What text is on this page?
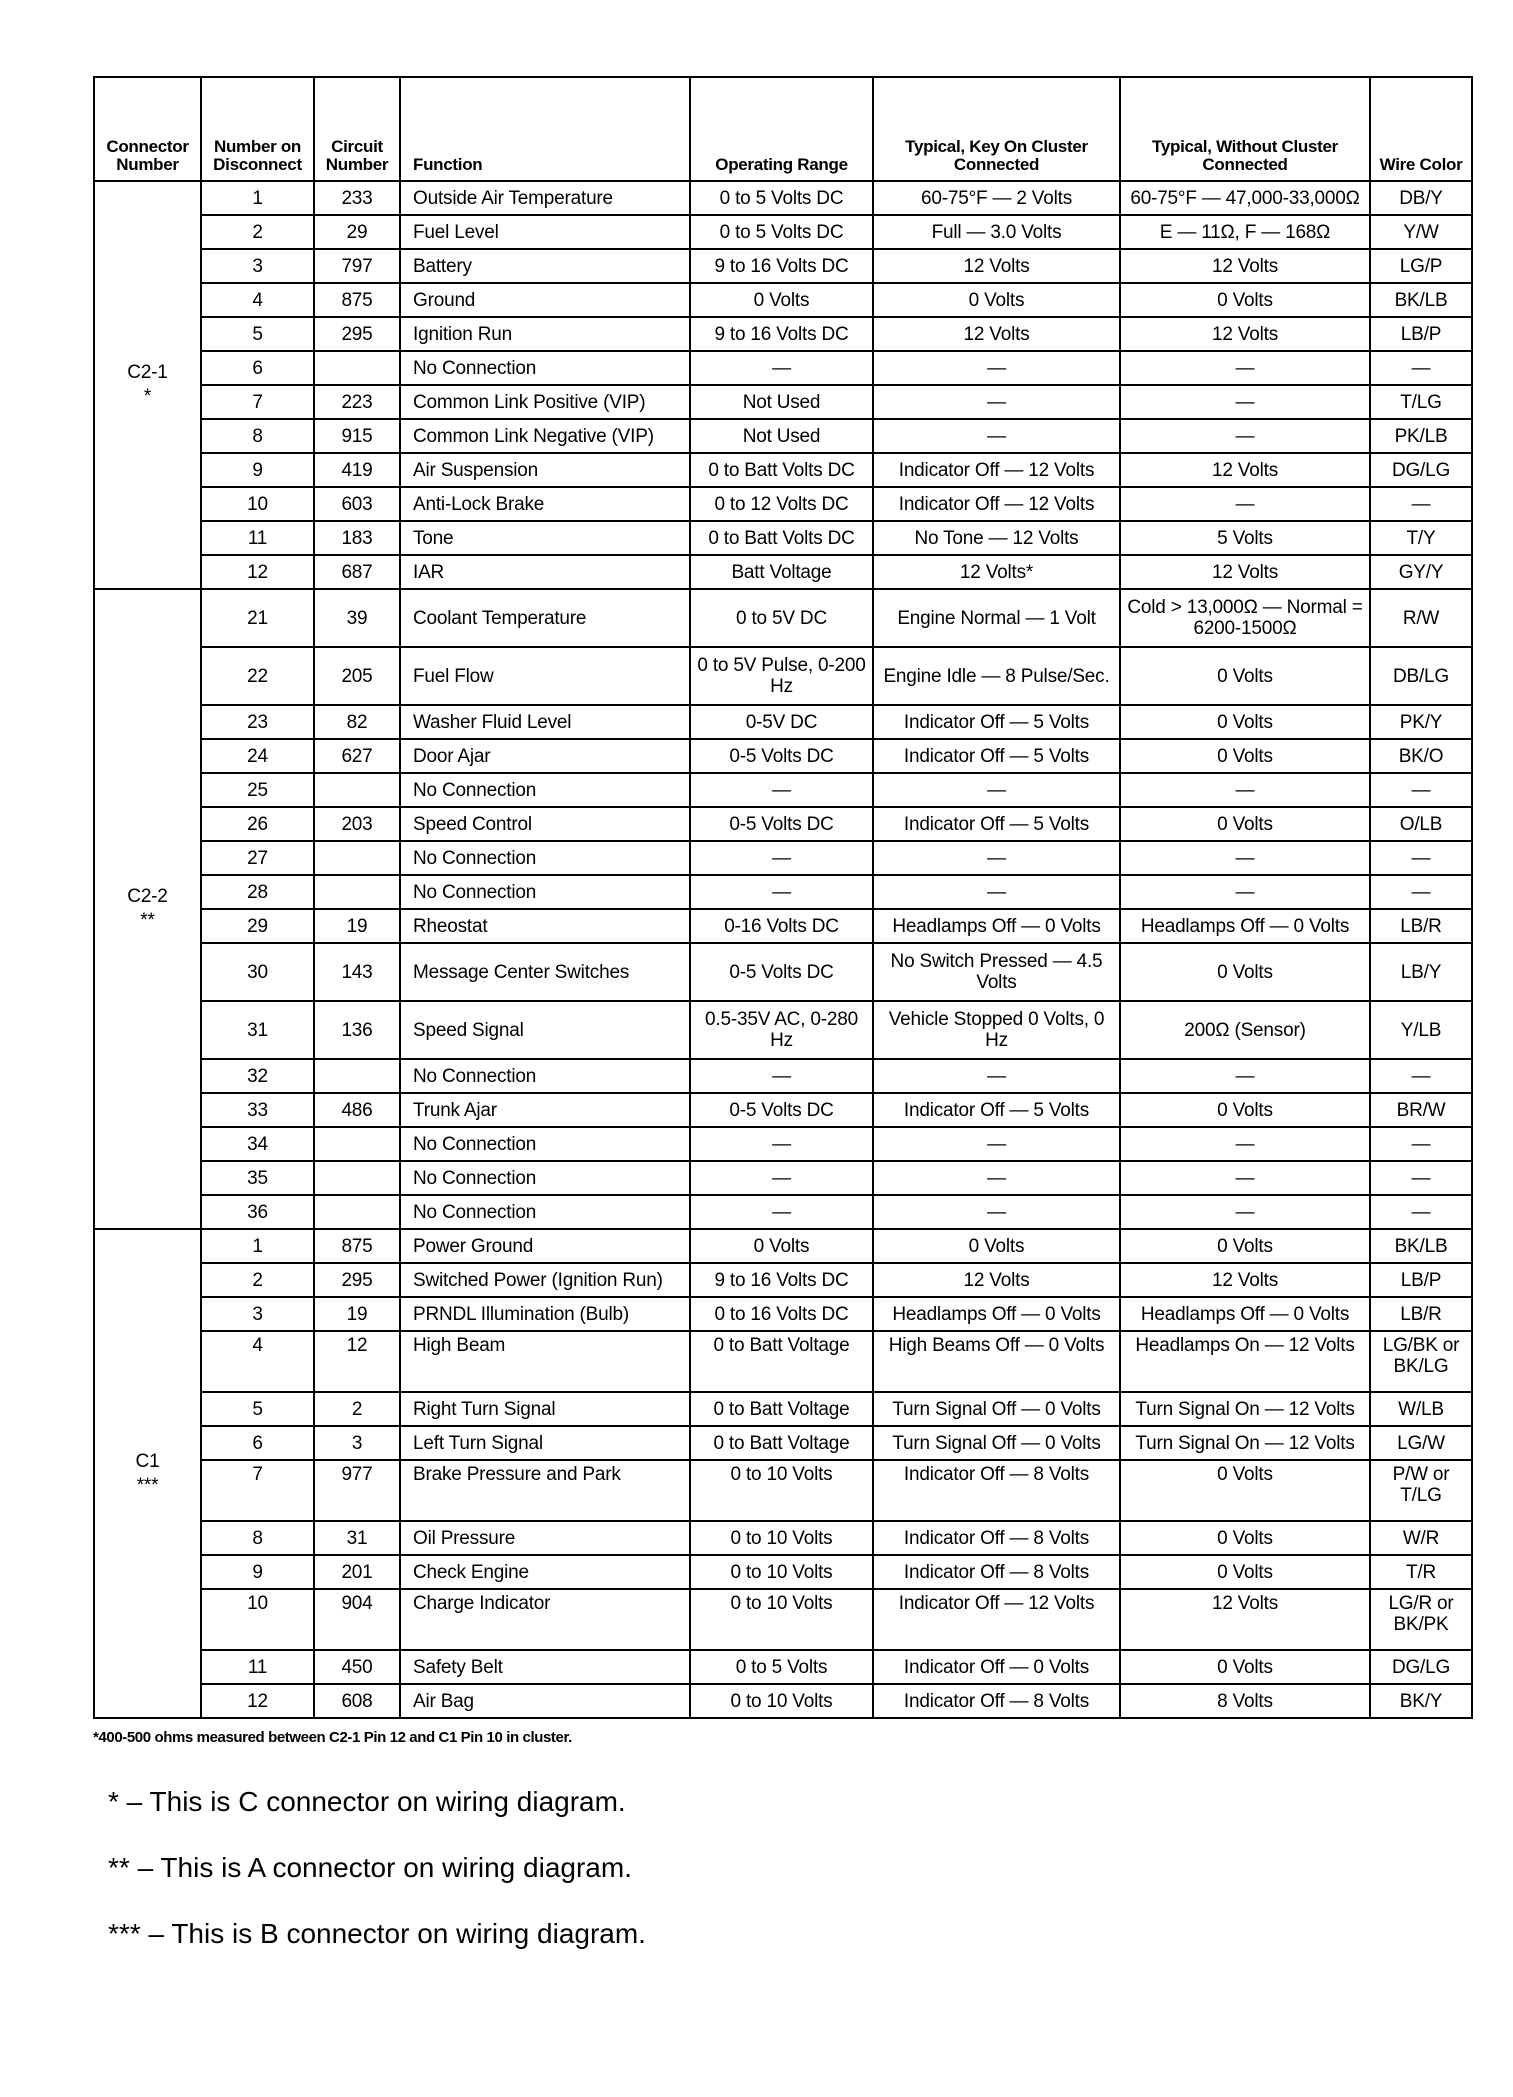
Connector Number	Number on Disconnect	Circuit Number	Function	Operating Range	Typical, Key On Cluster Connected	Typical, Without Cluster Connected	Wire Color

C2-1
*	1	233	Outside Air Temperature	0 to 5 Volts DC	60-75°F — 2 Volts	60-75°F — 47,000-33,000Ω	DB/Y
	2	29	Fuel Level	0 to 5 Volts DC	Full — 3.0 Volts	E — 11Ω, F — 168Ω	Y/W
	3	797	Battery	9 to 16 Volts DC	12 Volts	12 Volts	LG/P
	4	875	Ground	0 Volts	0 Volts	0 Volts	BK/LB
	5	295	Ignition Run	9 to 16 Volts DC	12 Volts	12 Volts	LB/P
	6		No Connection	—	—	—	—
	7	223	Common Link Positive (VIP)	Not Used	—	—	T/LG
	8	915	Common Link Negative (VIP)	Not Used	—	—	PK/LB
	9	419	Air Suspension	0 to Batt Volts DC	Indicator Off — 12 Volts	12 Volts	DG/LG
	10	603	Anti-Lock Brake	0 to 12 Volts DC	Indicator Off — 12 Volts	—	—
	11	183	Tone	0 to Batt Volts DC	No Tone — 12 Volts	5 Volts	T/Y
	12	687	IAR	Batt Voltage	12 Volts*	12 Volts	GY/Y

C2-2
**	21	39	Coolant Temperature	0 to 5V DC	Engine Normal — 1 Volt	Cold > 13,000Ω — Normal = 6200-1500Ω	R/W
	22	205	Fuel Flow	0 to 5V Pulse, 0-200 Hz	Engine Idle — 8 Pulse/Sec.	0 Volts	DB/LG
	23	82	Washer Fluid Level	0-5V DC	Indicator Off — 5 Volts	0 Volts	PK/Y
	24	627	Door Ajar	0-5 Volts DC	Indicator Off — 5 Volts	0 Volts	BK/O
	25		No Connection	—	—	—	—
	26	203	Speed Control	0-5 Volts DC	Indicator Off — 5 Volts	0 Volts	O/LB
	27		No Connection	—	—	—	—
	28		No Connection	—	—	—	—
	29	19	Rheostat	0-16 Volts DC	Headlamps Off — 0 Volts	Headlamps Off — 0 Volts	LB/R
	30	143	Message Center Switches	0-5 Volts DC	No Switch Pressed — 4.5 Volts	0 Volts	LB/Y
	31	136	Speed Signal	0.5-35V AC, 0-280 Hz	Vehicle Stopped 0 Volts, 0 Hz	200Ω (Sensor)	Y/LB
	32		No Connection	—	—	—	—
	33	486	Trunk Ajar	0-5 Volts DC	Indicator Off — 5 Volts	0 Volts	BR/W
	34		No Connection	—	—	—	—
	35		No Connection	—	—	—	—
	36		No Connection	—	—	—	—

C1
***	1	875	Power Ground	0 Volts	0 Volts	0 Volts	BK/LB
	2	295	Switched Power (Ignition Run)	9 to 16 Volts DC	12 Volts	12 Volts	LB/P
	3	19	PRNDL Illumination (Bulb)	0 to 16 Volts DC	Headlamps Off — 0 Volts	Headlamps Off — 0 Volts	LB/R
	4	12	High Beam	0 to Batt Voltage	High Beams Off — 0 Volts	Headlamps On — 12 Volts	LG/BK or BK/LG
	5	2	Right Turn Signal	0 to Batt Voltage	Turn Signal Off — 0 Volts	Turn Signal On — 12 Volts	W/LB
	6	3	Left Turn Signal	0 to Batt Voltage	Turn Signal Off — 0 Volts	Turn Signal On — 12 Volts	LG/W
	7	977	Brake Pressure and Park	0 to 10 Volts	Indicator Off — 8 Volts	0 Volts	P/W or T/LG
	8	31	Oil Pressure	0 to 10 Volts	Indicator Off — 8 Volts	0 Volts	W/R
	9	201	Check Engine	0 to 10 Volts	Indicator Off — 8 Volts	0 Volts	T/R
	10	904	Charge Indicator	0 to 10 Volts	Indicator Off — 12 Volts	12 Volts	LG/R or BK/PK
	11	450	Safety Belt	0 to 5 Volts	Indicator Off — 0 Volts	0 Volts	DG/LG
	12	608	Air Bag	0 to 10 Volts	Indicator Off — 8 Volts	8 Volts	BK/Y
*400-500 ohms measured between C2-1 Pin 12 and C1 Pin 10 in cluster.
* – This is C connector on wiring diagram.
** – This is A connector on wiring diagram.
*** – This is B connector on wiring diagram.
